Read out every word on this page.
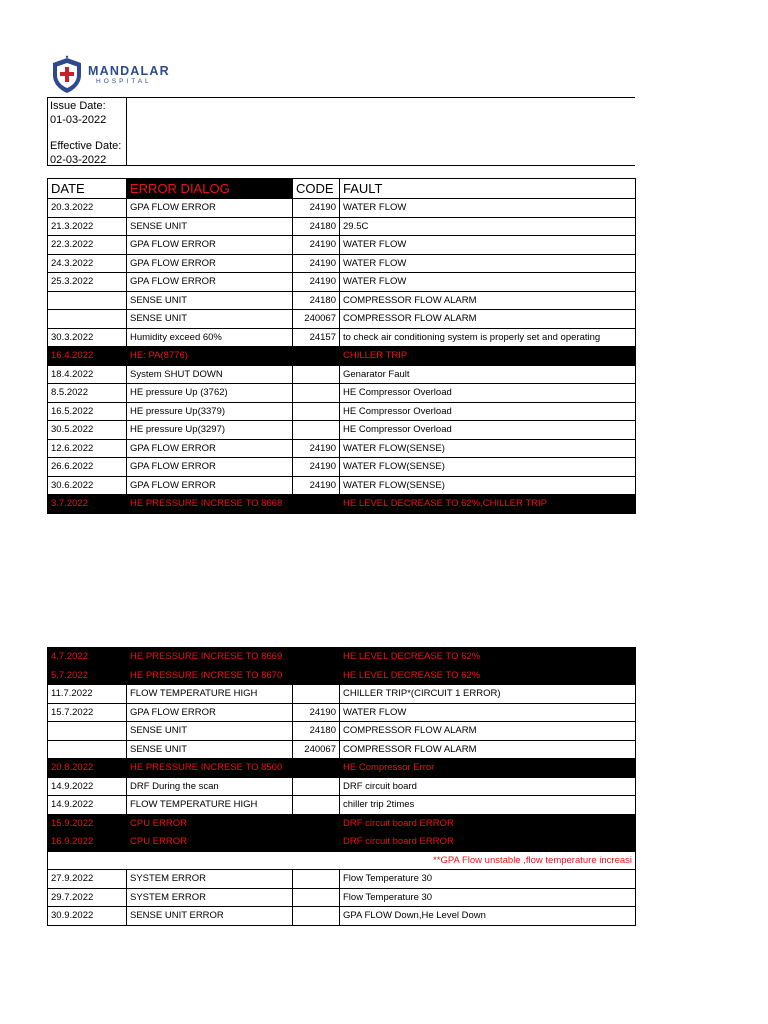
MANDALAR
HOSPITAL
Issue Date:
01-03-2022
Effective Date:
02-03-2022
DATE	ERROR DIALOG	CODE	FAULT
20.3.2022	GPA FLOW ERROR	24190	WATER FLOW
21.3.2022	SENSE UNIT	24180	29.5C
22.3.2022	GPA FLOW ERROR	24190	WATER FLOW
24.3.2022	GPA FLOW ERROR	24190	WATER FLOW
25.3.2022	GPA FLOW ERROR	24190	WATER FLOW
	SENSE UNIT	24180	COMPRESSOR FLOW ALARM
	SENSE UNIT	240067	COMPRESSOR FLOW ALARM
30.3.2022	Humidity exceed 60%	24157	to check air conditioning system is properly set and operating
16.4.2022	HE: PA(8776)		CHILLER TRIP
18.4.2022	System SHUT DOWN		Genarator Fault
8.5.2022	HE pressure Up (3762)		HE Compressor Overload
16.5.2022	HE pressure Up(3379)		HE Compressor Overload
30.5.2022	HE pressure Up(3297)		HE Compressor Overload
12.6.2022	GPA FLOW ERROR	24190	WATER FLOW(SENSE)
26.6.2022	GPA FLOW ERROR	24190	WATER FLOW(SENSE)
30.6.2022	GPA FLOW ERROR	24190	WATER FLOW(SENSE)
3.7.2022	HE PRESSURE INCRESE TO 8668		HE LEVEL DECREASE TO 62%,CHILLER TRIP
4.7.2022	HE PRESSURE INCRESE TO 8669		HE LEVEL DECREASE TO 62%
5.7.2022	HE PRESSURE INCRESE TO 8670		HE LEVEL DECREASE TO 62%
11.7.2022	FLOW TEMPERATURE HIGH		CHILLER TRIP*(CIRCUIT 1 ERROR)
15.7.2022	GPA FLOW ERROR	24190	WATER FLOW
	SENSE UNIT	24180	COMPRESSOR FLOW ALARM
	SENSE UNIT	240067	COMPRESSOR FLOW ALARM
20.8.2022	HE PRESSURE INCRESE TO 8500		HE Compressor Error
14.9.2022	DRF During the scan		DRF circuit board
14.9.2022	FLOW TEMPERATURE HIGH		chiller trip 2times
15.9.2022	CPU ERROR		DRF circuit board ERROR
16.9.2022	CPU ERROR		DRF circuit board ERROR
**GPA Flow unstable ,flow temperature increasi			
27.9.2022	SYSTEM ERROR		Flow Temperature 30
29.7.2022	SYSTEM ERROR		Flow Temperature 30
30.9.2022	SENSE UNIT ERROR		GPA FLOW Down,He Level Down
